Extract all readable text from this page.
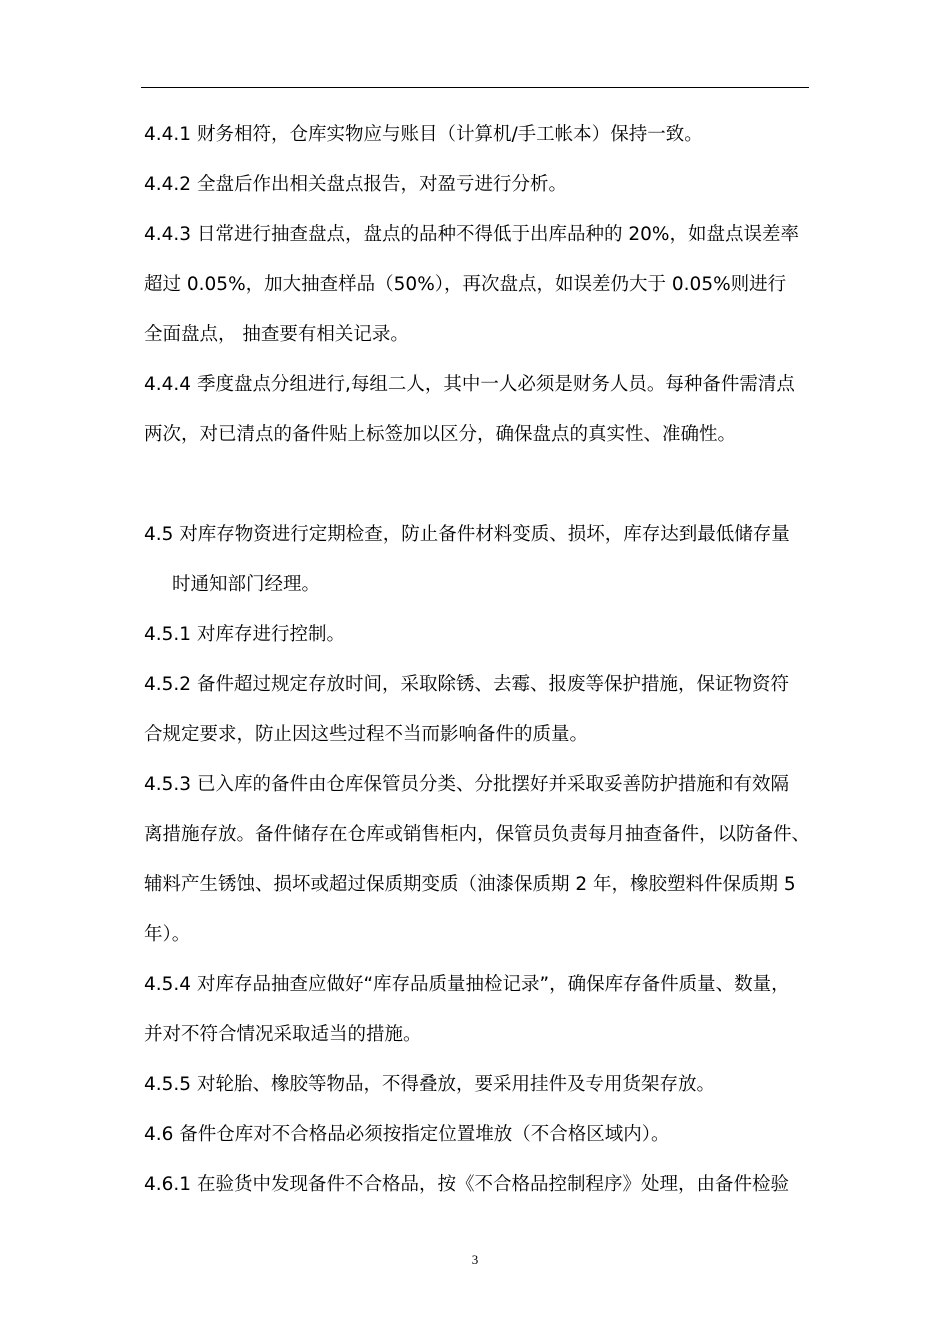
4.4.1 财务相符，仓库实物应与账目（计算机/手工帐本）保持一致。
4.4.2 全盘后作出相关盘点报告，对盈亏进行分析。
4.4.3 日常进行抽查盘点，盘点的品种不得低于出库品种的 20%，如盘点误差率
超过 0.05%，加大抽查样品（50%），再次盘点，如误差仍大于 0.05%则进行
全面盘点， 抽查要有相关记录。
4.4.4 季度盘点分组进行,每组二人，其中一人必须是财务人员。每种备件需清点
两次，对已清点的备件贴上标签加以区分，确保盘点的真实性、准确性。
4.5 对库存物资进行定期检查，防止备件材料变质、损坏，库存达到最低储存量
时通知部门经理。
4.5.1 对库存进行控制。
4.5.2 备件超过规定存放时间，采取除锈、去霉、报废等保护措施，保证物资符
合规定要求，防止因这些过程不当而影响备件的质量。
4.5.3 已入库的备件由仓库保管员分类、分批摆好并采取妥善防护措施和有效隔
离措施存放。备件储存在仓库或销售柜内，保管员负责每月抽查备件，以防备件、
辅料产生锈蚀、损坏或超过保质期变质（油漆保质期 2 年，橡胶塑料件保质期 5
年）。
4.5.4 对库存品抽查应做好“库存品质量抽检记录”，确保库存备件质量、数量，
并对不符合情况采取适当的措施。
4.5.5 对轮胎、橡胶等物品，不得叠放，要采用挂件及专用货架存放。
4.6 备件仓库对不合格品必须按指定位置堆放（不合格区域内）。
4.6.1 在验货中发现备件不合格品，按《不合格品控制程序》处理，由备件检验
3
